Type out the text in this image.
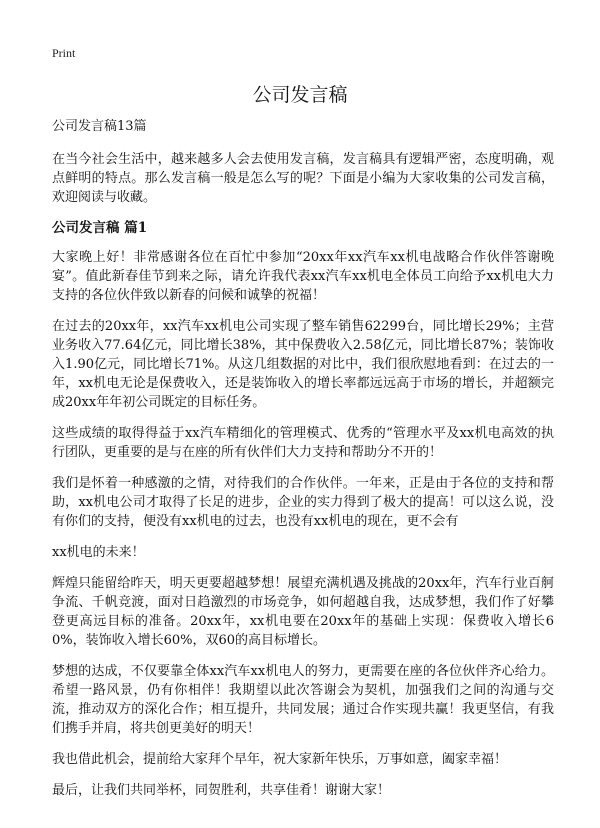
Print
公司发言稿

公司发言稿13篇

在当今社会生活中，越来越多人会去使用发言稿，发言稿具有逻辑严密，态度明确，观点鲜明的特点。那么发言稿一般是怎么写的呢？下面是小编为大家收集的公司发言稿，欢迎阅读与收藏。

公司发言稿 篇1

大家晚上好！非常感谢各位在百忙中参加“20xx年xx汽车xx机电战略合作伙伴答谢晚宴”。值此新春佳节到来之际，请允许我代表xx汽车xx机电全体员工向给予xx机电大力支持的各位伙伴致以新春的问候和诚挚的祝福！

在过去的20xx年，xx汽车xx机电公司实现了整车销售62299台，同比增长29%；主营业务收入77.64亿元，同比增长38%，其中保费收入2.58亿元，同比增长87%；装饰收入1.90亿元，同比增长71%。从这几组数据的对比中，我们很欣慰地看到：在过去的一年，xx机电无论是保费收入，还是装饰收入的增长率都远远高于市场的增长，并超额完成20xx年年初公司既定的目标任务。

这些成绩的取得得益于xx汽车精细化的管理模式、优秀的“管理水平及xx机电高效的执行团队，更重要的是与在座的所有伙伴们大力支持和帮助分不开的！

我们是怀着一种感激的之情，对待我们的合作伙伴。一年来，正是由于各位的支持和帮助，xx机电公司才取得了长足的进步，企业的实力得到了极大的提高！可以这么说，没有你们的支持，便没有xx机电的过去，也没有xx机电的现在，更不会有

xx机电的未来！

辉煌只能留给昨天，明天更要超越梦想！展望充满机遇及挑战的20xx年，汽车行业百舸争流、千帆竞渡，面对日趋激烈的市场竞争，如何超越自我，达成梦想，我们作了好攀登更高远目标的准备。20xx年，xx机电要在20xx年的基础上实现：保费收入增长60%，装饰收入增长60%，双60的高目标增长。

梦想的达成，不仅要靠全体xx汽车xx机电人的努力，更需要在座的各位伙伴齐心给力。希望一路风景，仍有你相伴！我期望以此次答谢会为契机，加强我们之间的沟通与交流，推动双方的深化合作；相互提升，共同发展；通过合作实现共赢！我更坚信，有我们携手并肩，将共创更美好的明天！

我也借此机会，提前给大家拜个早年，祝大家新年快乐，万事如意，阖家幸福！

最后，让我们共同举杯，同贺胜利，共享佳肴！谢谢大家！
